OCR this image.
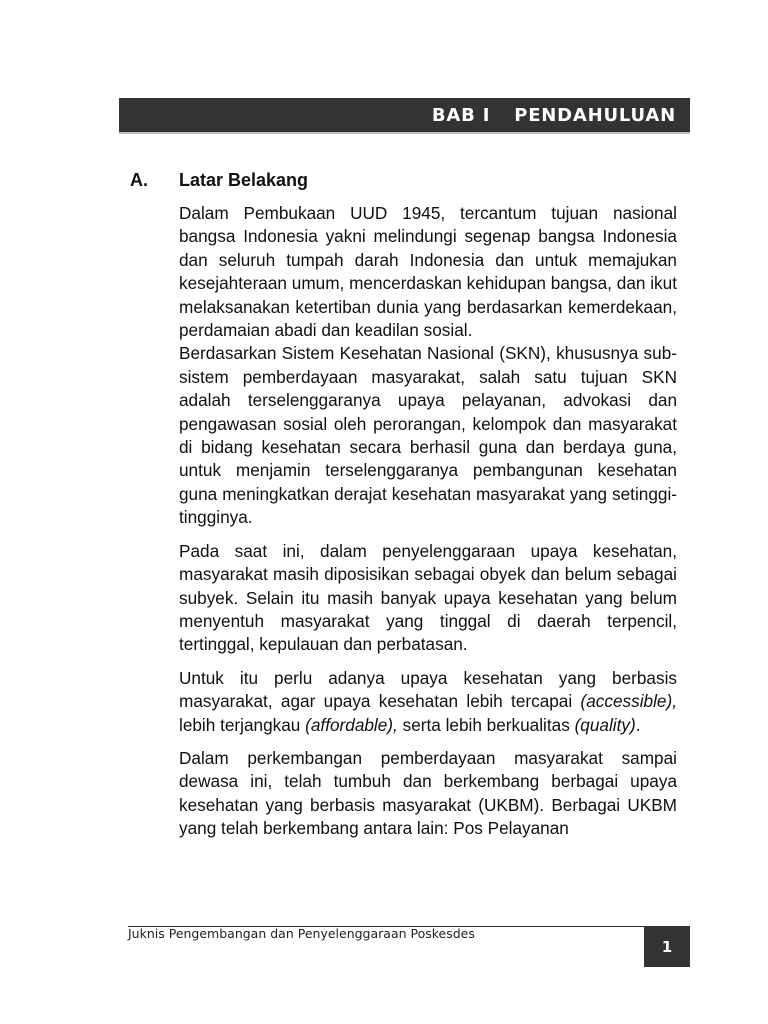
BAB I PENDAHULUAN
A. Latar Belakang

Dalam Pembukaan UUD 1945, tercantum tujuan nasional bangsa Indonesia yakni melindungi segenap bangsa Indonesia dan seluruh tumpah darah Indonesia dan untuk memajukan kesejahteraan umum, mencerdaskan kehidupan bangsa, dan ikut melaksanakan ketertiban dunia yang berdasarkan kemerdekaan, perdamaian abadi dan keadilan sosial.

Berdasarkan Sistem Kesehatan Nasional (SKN), khususnya sub-sistem pemberdayaan masyarakat, salah satu tujuan SKN adalah terselenggaranya upaya pelayanan, advokasi dan pengawasan sosial oleh perorangan, kelompok dan masyarakat di bidang kesehatan secara berhasil guna dan berdaya guna, untuk menjamin terselenggaranya pembangunan kesehatan guna meningkatkan derajat kesehatan masyarakat yang setinggi-tingginya.

Pada saat ini, dalam penyelenggaraan upaya kesehatan, masyarakat masih diposisikan sebagai obyek dan belum sebagai subyek. Selain itu masih banyak upaya kesehatan yang belum menyentuh masyarakat yang tinggal di daerah terpencil, tertinggal, kepulauan dan perbatasan.

Untuk itu perlu adanya upaya kesehatan yang berbasis masyarakat, agar upaya kesehatan lebih tercapai (accessible), lebih terjangkau (affordable), serta lebih berkualitas (quality).

Dalam perkembangan pemberdayaan masyarakat sampai dewasa ini, telah tumbuh dan berkembang berbagai upaya kesehatan yang berbasis masyarakat (UKBM). Berbagai UKBM yang telah berkembang antara lain: Pos Pelayanan

Juknis Pengembangan dan Penyelenggaraan Poskesdes
1
